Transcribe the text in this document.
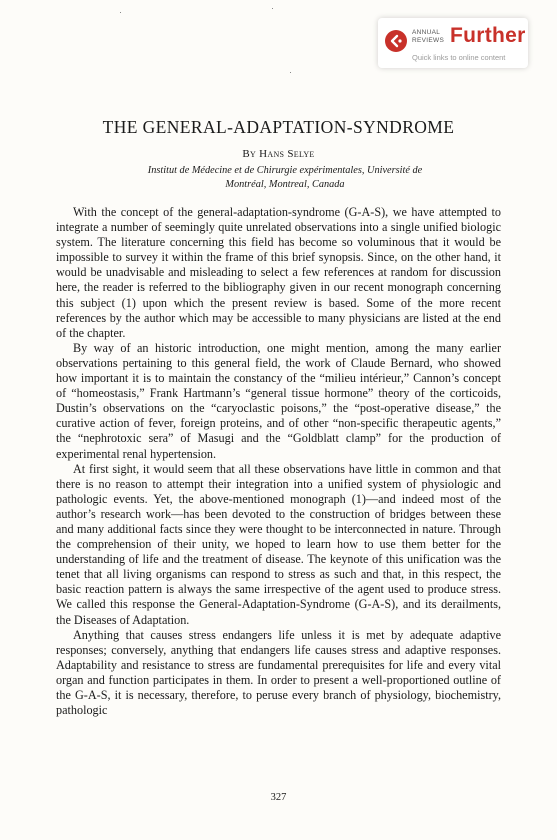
ANNUAL
REVIEWS Further
Quick links to online content
THE GENERAL-ADAPTATION-SYNDROME
By Hans Selye
Institut de Médecine et de Chirurgie expérimentales, Université de
Montréal, Montreal, Canada

With the concept of the general-adaptation-syndrome (G-A-S), we have attempted to integrate a number of seemingly quite unrelated observations into a single unified biologic system. The literature concerning this field has become so voluminous that it would be impossible to survey it within the frame of this brief synopsis. Since, on the other hand, it would be unadvisable and misleading to select a few references at random for discussion here, the reader is referred to the bibliography given in our recent monograph concerning this subject (1) upon which the present review is based. Some of the more recent references by the author which may be accessible to many physicians are listed at the end of the chapter.

By way of an historic introduction, one might mention, among the many earlier observations pertaining to this general field, the work of Claude Bernard, who showed how important it is to maintain the constancy of the “milieu intérieur,” Cannon’s concept of “homeostasis,” Frank Hartmann’s “general tissue hormone” theory of the corticoids, Dustin’s observations on the “caryoclastic poisons,” the “post-operative disease,” the curative action of fever, foreign proteins, and of other “non-specific therapeutic agents,” the “nephrotoxic sera” of Masugi and the “Goldblatt clamp” for the production of experimental renal hypertension.

At first sight, it would seem that all these observations have little in common and that there is no reason to attempt their integration into a unified system of physiologic and pathologic events. Yet, the above-mentioned monograph (1)—and indeed most of the author’s research work—has been devoted to the construction of bridges between these and many additional facts since they were thought to be interconnected in nature. Through the comprehension of their unity, we hoped to learn how to use them better for the understanding of life and the treatment of disease. The keynote of this unification was the tenet that all living organisms can respond to stress as such and that, in this respect, the basic reaction pattern is always the same irrespective of the agent used to produce stress. We called this response the General-Adaptation-Syndrome (G-A-S), and its derailments, the Diseases of Adaptation.

Anything that causes stress endangers life unless it is met by adequate adaptive responses; conversely, anything that endangers life causes stress and adaptive responses. Adaptability and resistance to stress are fundamental prerequisites for life and every vital organ and function participates in them. In order to present a well-proportioned outline of the G-A-S, it is necessary, therefore, to peruse every branch of physiology, biochemistry, pathologic

327
